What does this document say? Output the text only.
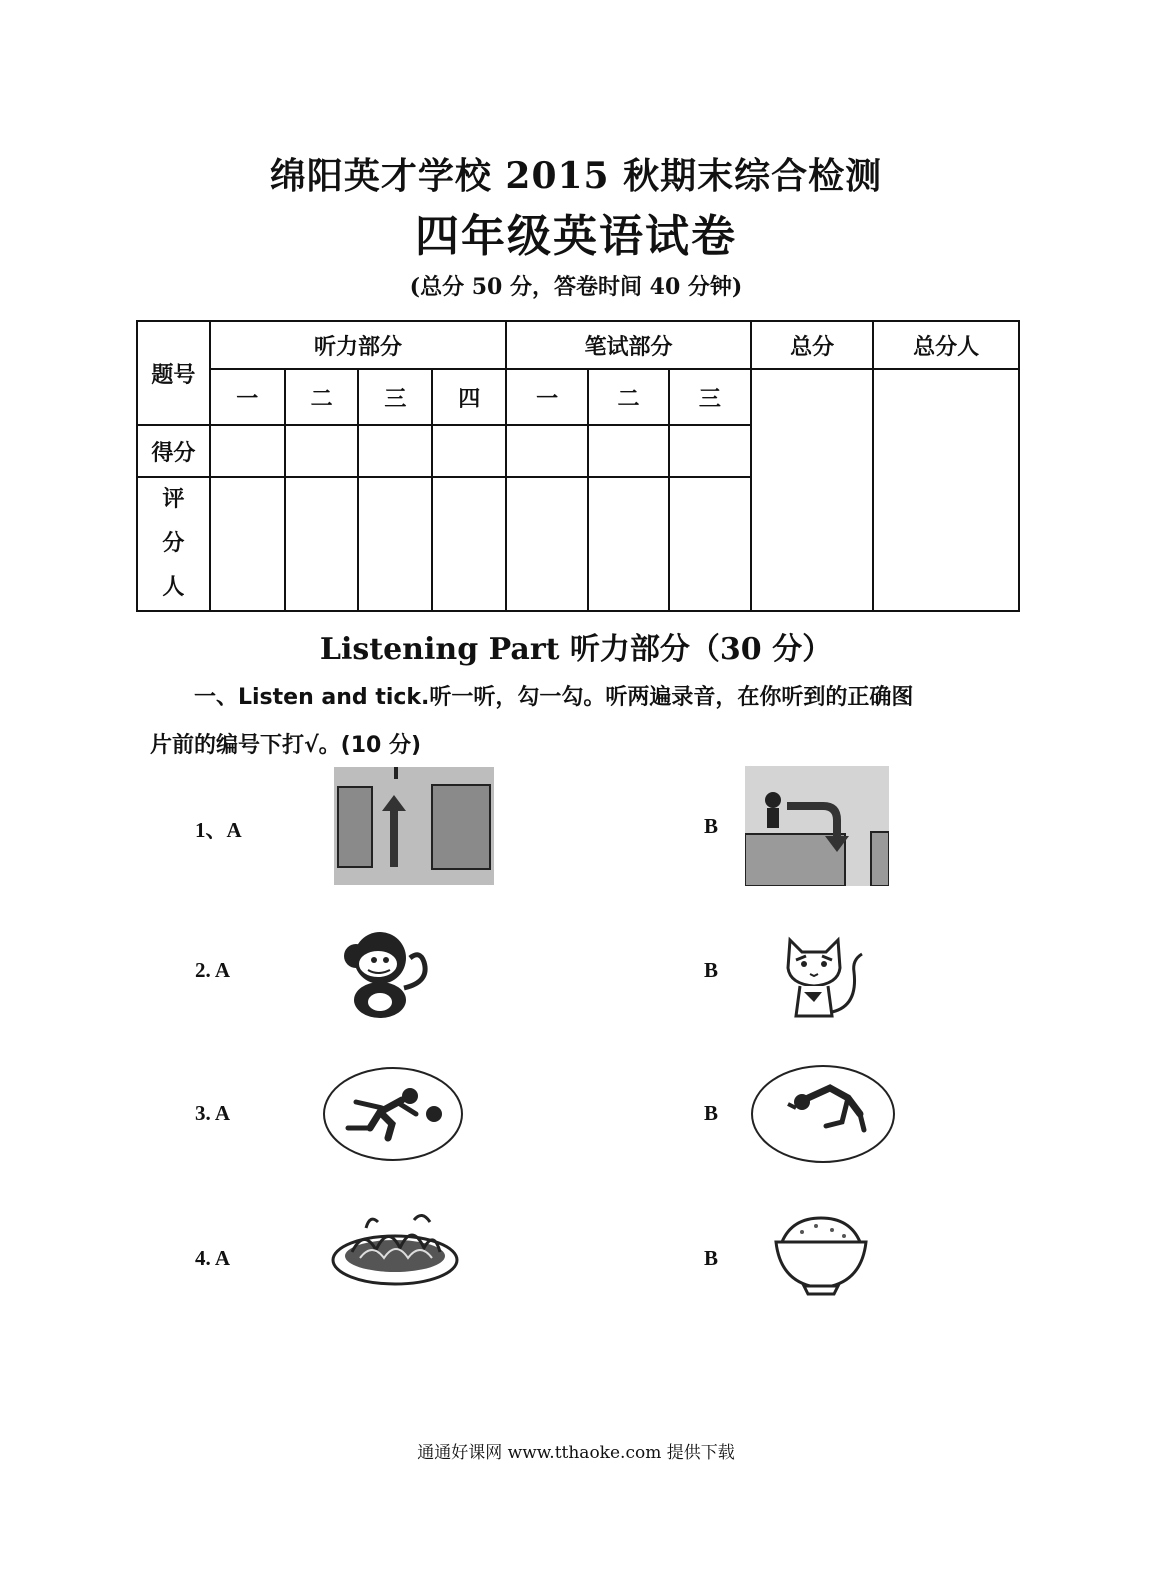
绵阳英才学校 2015 秋期末综合检测
四年级英语试卷
(总分 50 分，答卷时间 40 分钟)
题号	听力部分				笔试部分			总分	总分人
	一	二	三	四	一	二	三		
得分									

评
分
人									

Listening Part 听力部分（30 分）
一、Listen and tick.听一听，勾一勾。听两遍录音，在你听到的正确图
片前的编号下打√。(10 分)
1、A	B
2. A	B
3. A	B
4. A	B
通通好课网 www.tthaoke.com 提供下载
